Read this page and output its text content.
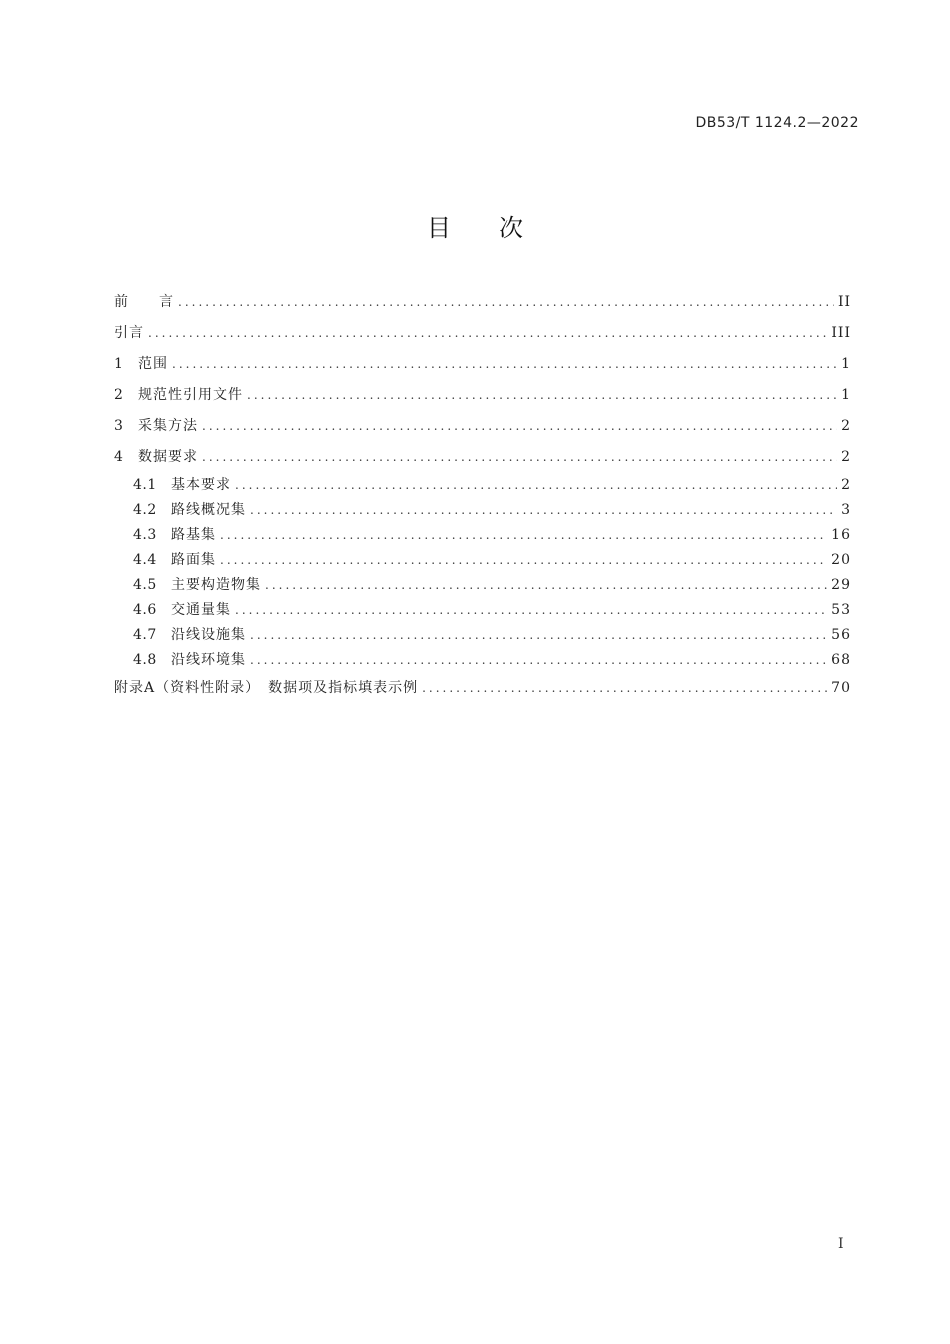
DB53/T 1124.2—2022
目 次
前　　言 .....	II
引言 .....	III
1	范围 .....	1
2	规范性引用文件 .....	1
3	采集方法 .....	2
4	数据要求 .....	2
4.1	基本要求 .....	2
4.2	路线概况集 .....	3
4.3	路基集 .....	16
4.4	路面集 .....	20
4.5	主要构造物集 .....	29
4.6	交通量集 .....	53
4.7	沿线设施集 .....	56
4.8	沿线环境集 .....	68
附录A（资料性附录）　数据项及指标填表示例 .....	70
I
